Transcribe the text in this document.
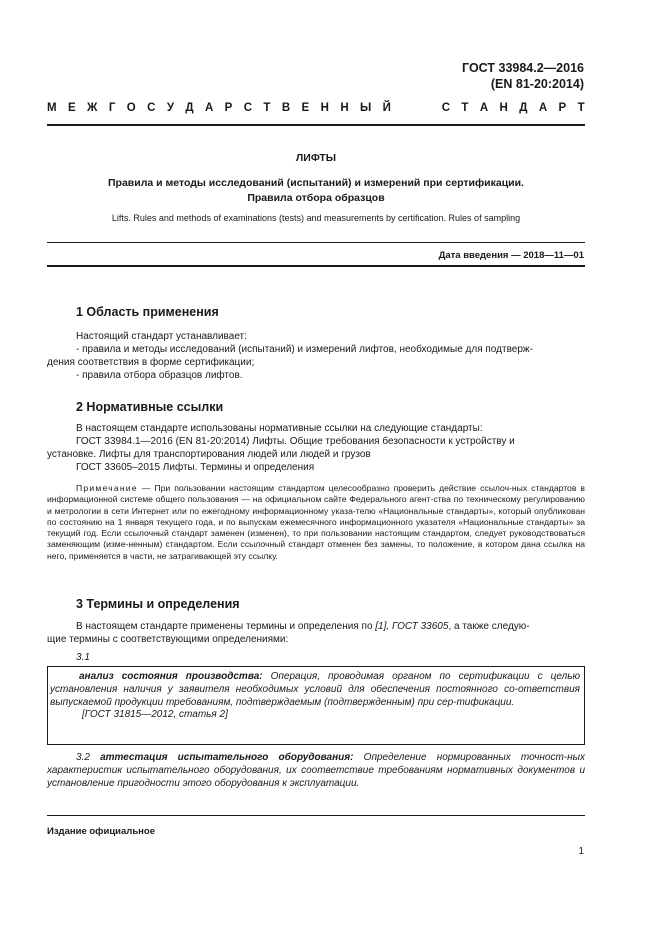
ГОСТ 33984.2—2016
(EN 81-20:2014)
М Е Ж Г О С У Д А Р С Т В Е Н Н Ы Й	С Т А Н Д А Р Т
ЛИФТЫ
Правила и методы исследований (испытаний) и измерений при сертификации.
Правила отбора образцов
Lifts. Rules and methods of examinations (tests) and measurements by certification. Rules of sampling
Дата введения — 2018—11—01
1 Область применения
Настоящий стандарт устанавливает:
- правила и методы исследований (испытаний) и измерений лифтов, необходимые для подтверж-
дения соответствия в форме сертификации;
- правила отбора образцов лифтов.
2 Нормативные ссылки
В настоящем стандарте использованы нормативные ссылки на следующие стандарты:
ГОСТ 33984.1—2016 (EN 81-20:2014) Лифты. Общие требования безопасности к устройству и
установке. Лифты для транспортирования людей или людей и грузов
ГОСТ 33605–2015 Лифты. Термины и определения
Примечание — При пользовании настоящим стандартом целесообразно проверить действие ссылоч-ных стандартов в информационной системе общего пользования — на официальном сайте Федерального агент-ства по техническому регулированию и метрологии в сети Интернет или по ежегодному информационному указа-телю «Национальные стандарты», который опубликован по состоянию на 1 января текущего года, и по выпускам ежемесячного информационного указателя «Национальные стандарты» за текущий год. Если ссылочный стандарт заменен (изменен), то при пользовании настоящим стандартом, следует руководствоваться заменяющим (изме-ненным) стандартом. Если ссылочный стандарт отменен без замены, то положение, в котором дана ссылка на него, применяется в части, не затрагивающей эту ссылку.
3 Термины и определения
В настоящем стандарте применены термины и определения по [1], ГОСТ 33605, а также следую-
щие термины с соответствующими определениями:
3.1
анализ состояния производства: Операция, проводимая органом по сертификации с целью установления наличия у заявителя необходимых условий для обеспечения постоянного со-ответствия выпускаемой продукции требованиям, подтверждаемым (подтвержденным) при сер-тификации.
[ГОСТ 31815—2012, статья 2]
3.2 аттестация испытательного оборудования: Определение нормированных точност-ных характеристик испытательного оборудования, их соответствие требованиям нормативных документов и установление пригодности этого оборудования к эксплуатации.
Издание официальное
1
